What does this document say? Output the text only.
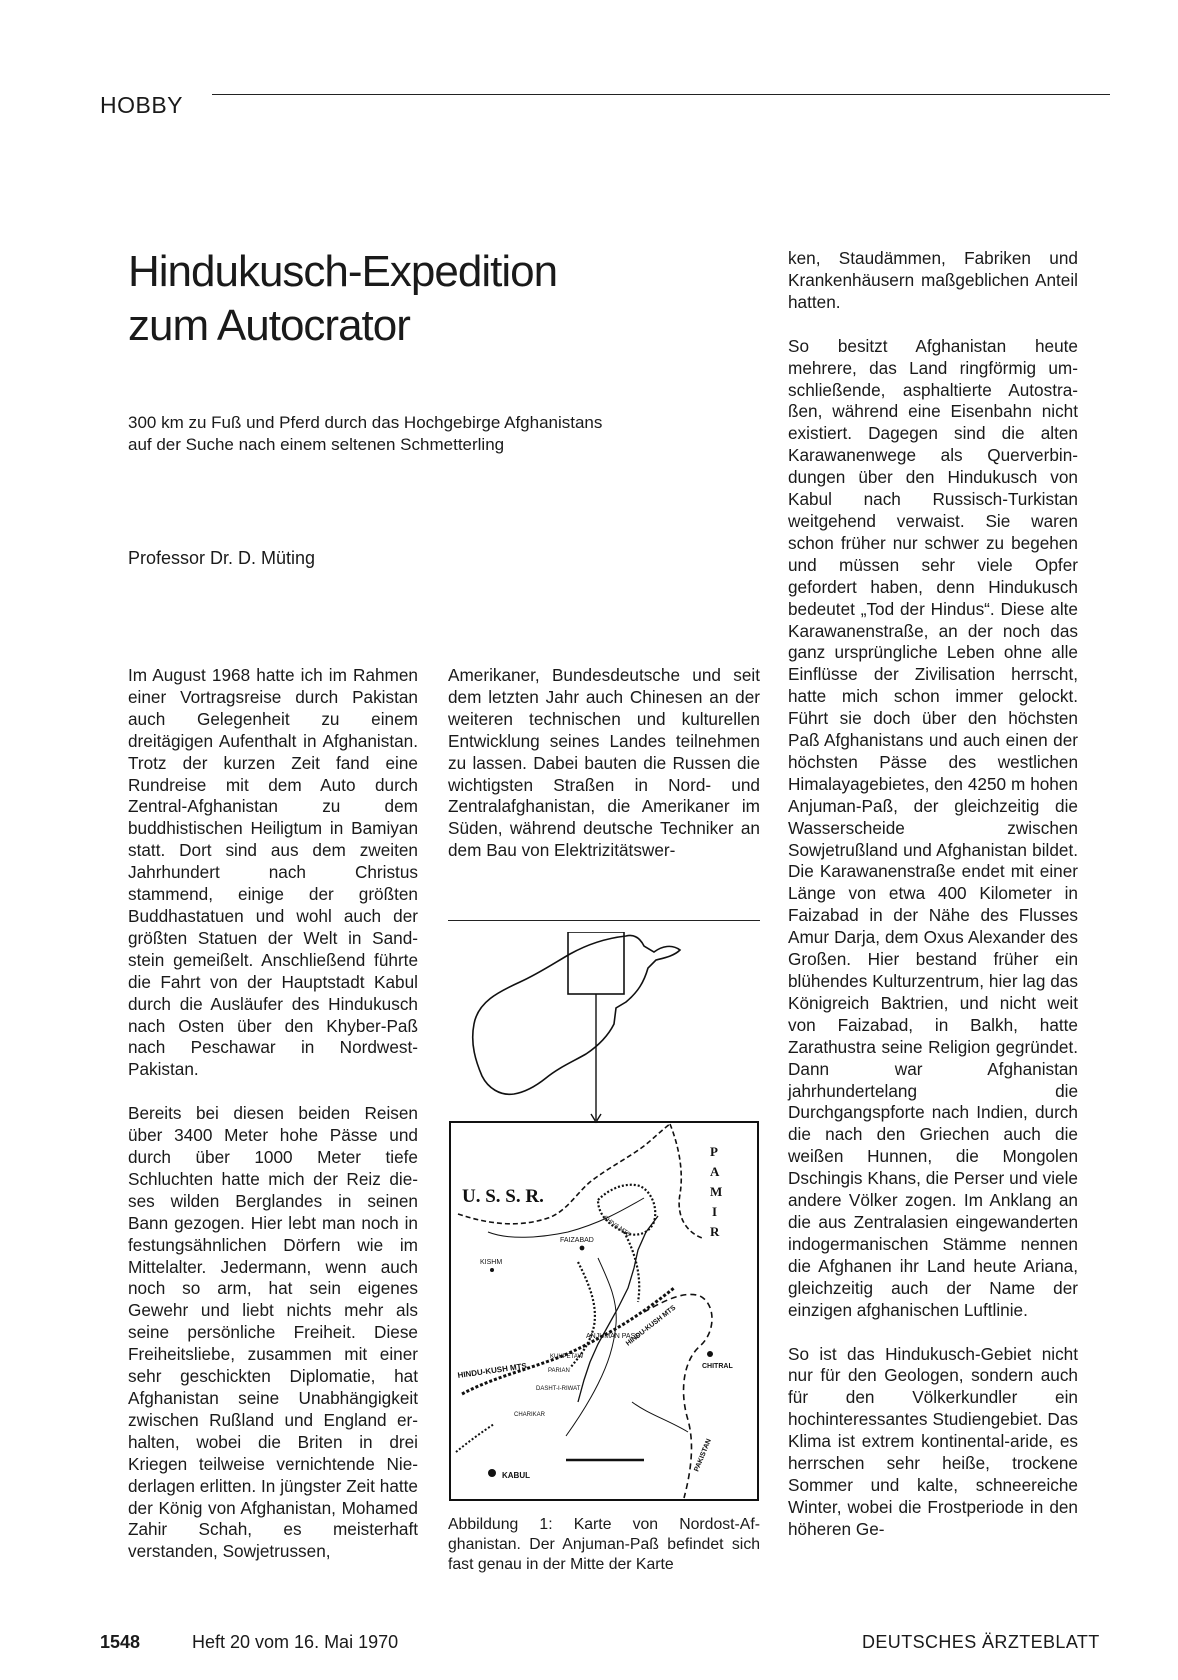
HOBBY
Hindukusch-Expedition
zum Autocrator
300 km zu Fuß und Pferd durch das Hochgebirge Afghanistans
auf der Suche nach einem seltenen Schmetterling
Professor Dr. D. Müting

Im August 1968 hatte ich im Rahmen einer Vortragsreise durch Pakistan auch Gelegenheit zu einem dreitägigen Aufenthalt in Afghanistan. Trotz der kurzen Zeit fand eine Rundreise mit dem Auto durch Zentral-Afghanistan zu dem buddhistischen Heiligtum in Bamiyan statt. Dort sind aus dem zweiten Jahrhundert nach Christus stammend, einige der größten Buddhastatuen und wohl auch der größten Statuen der Welt in Sandstein gemeißelt. Anschließend führte die Fahrt von der Hauptstadt Kabul durch die Ausläufer des Hindukusch nach Osten über den Khyber-Paß nach Peschawar in Nordwest-Pakistan.

Bereits bei diesen beiden Reisen über 3400 Meter hohe Pässe und durch über 1000 Meter tiefe Schluchten hatte mich der Reiz dieses wilden Berglandes in seinen Bann gezogen. Hier lebt man noch in festungsähnlichen Dörfern wie im Mittelalter. Jedermann, wenn auch noch so arm, hat sein eigenes Gewehr und liebt nichts mehr als seine persönliche Freiheit. Diese Freiheitsliebe, zusammen mit einer sehr geschickten Diplomatie, hat Afghanistan seine Unabhängigkeit zwischen Rußland und England erhalten, wobei die Briten in drei Kriegen teilweise vernichtende Niederlagen erlitten. In jüngster Zeit hatte der König von Afghanistan, Mohamed Zahir Schah, es meisterhaft verstanden, Sowjetrussen,

Amerikaner, Bundesdeutsche und seit dem letzten Jahr auch Chinesen an der weiteren technischen und kulturellen Entwicklung seines Landes teilnehmen zu lassen. Dabei bauten die Russen die wichtigsten Straßen in Nord- und Zentralafghanistan, die Amerikaner im Süden, während deutsche Techniker an dem Bau von Elektrizitätswer-

U. S. S. R.
P
A
M
I
R
FAIZABAD
KISHM
SHIVA MTS
HINDU-KUSH MTS
HINDU-KUSH MTS
ANJUMAN PASS
KUHPETAW
PARIAN
DASHT-I-RIWAT
CHARIKAR
CHITRAL
KABUL
PAKISTAN
Abbildung 1: Karte von Nordost-Afghanistan. Der Anjuman-Paß befindet sich fast genau in der Mitte der Karte

ken, Staudämmen, Fabriken und Krankenhäusern maßgeblichen Anteil hatten.

So besitzt Afghanistan heute mehrere, das Land ringförmig umschließende, asphaltierte Autostraßen, während eine Eisenbahn nicht existiert. Dagegen sind die alten Karawanenwege als Querverbindungen über den Hindukusch von Kabul nach Russisch-Turkistan weitgehend verwaist. Sie waren schon früher nur schwer zu begehen und müssen sehr viele Opfer gefordert haben, denn Hindukusch bedeutet „Tod der Hindus“. Diese alte Karawanenstraße, an der noch das ganz ursprüngliche Leben ohne alle Einflüsse der Zivilisation herrscht, hatte mich schon immer gelockt. Führt sie doch über den höchsten Paß Afghanistans und auch einen der höchsten Pässe des westlichen Himalayagebietes, den 4250 m hohen Anjuman-Paß, der gleichzeitig die Wasserscheide zwischen Sowjetrußland und Afghanistan bildet. Die Karawanenstraße endet mit einer Länge von etwa 400 Kilometer in Faizabad in der Nähe des Flusses Amur Darja, dem Oxus Alexander des Großen. Hier bestand früher ein blühendes Kulturzentrum, hier lag das Königreich Baktrien, und nicht weit von Faizabad, in Balkh, hatte Zarathustra seine Religion gegründet. Dann war Afghanistan jahrhundertelang die Durchgangspforte nach Indien, durch die nach den Griechen auch die weißen Hunnen, die Mongolen Dschingis Khans, die Perser und viele andere Völker zogen. Im Anklang an die aus Zentralasien eingewanderten indogermanischen Stämme nennen die Afghanen ihr Land heute Ariana, gleichzeitig auch der Name der einzigen afghanischen Luftlinie.

So ist das Hindukusch-Gebiet nicht nur für den Geologen, sondern auch für den Völkerkundler ein hochinteressantes Studiengebiet. Das Klima ist extrem kontinental-aride, es herrschen sehr heiße, trockene Sommer und kalte, schneereiche Winter, wobei die Frostperiode in den höheren Ge-

1548	Heft 20 vom 16. Mai 1970	DEUTSCHES ÄRZTEBLATT
